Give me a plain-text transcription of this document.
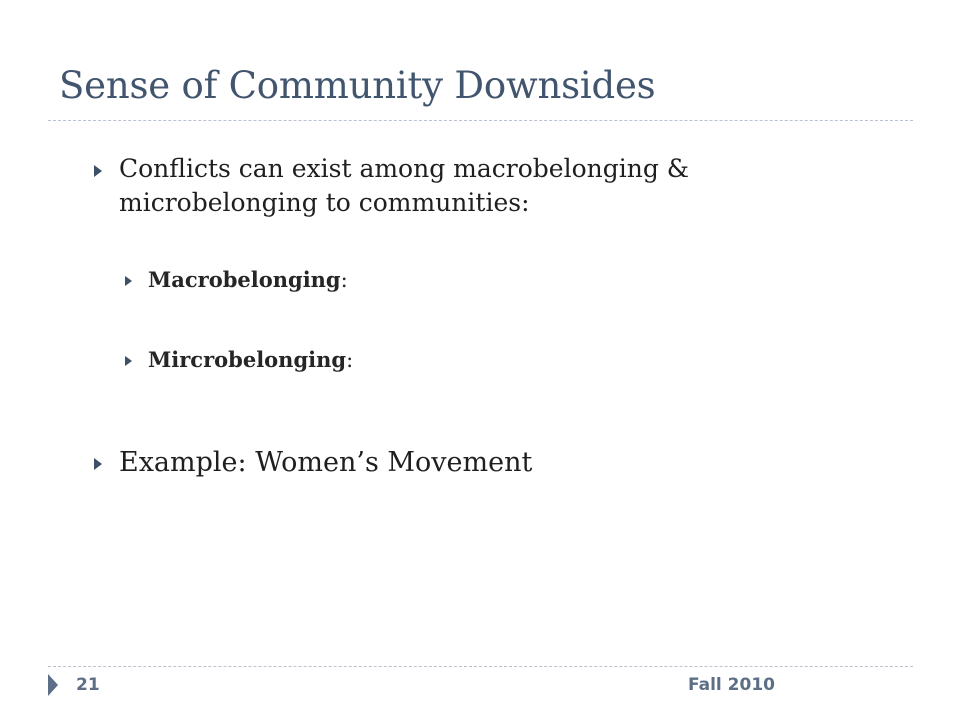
Sense of Community Downsides
Conflicts can exist among macrobelonging & microbelonging to communities:
Macrobelonging:
Mircrobelonging:
Example: Women’s Movement
21	Fall 2010
